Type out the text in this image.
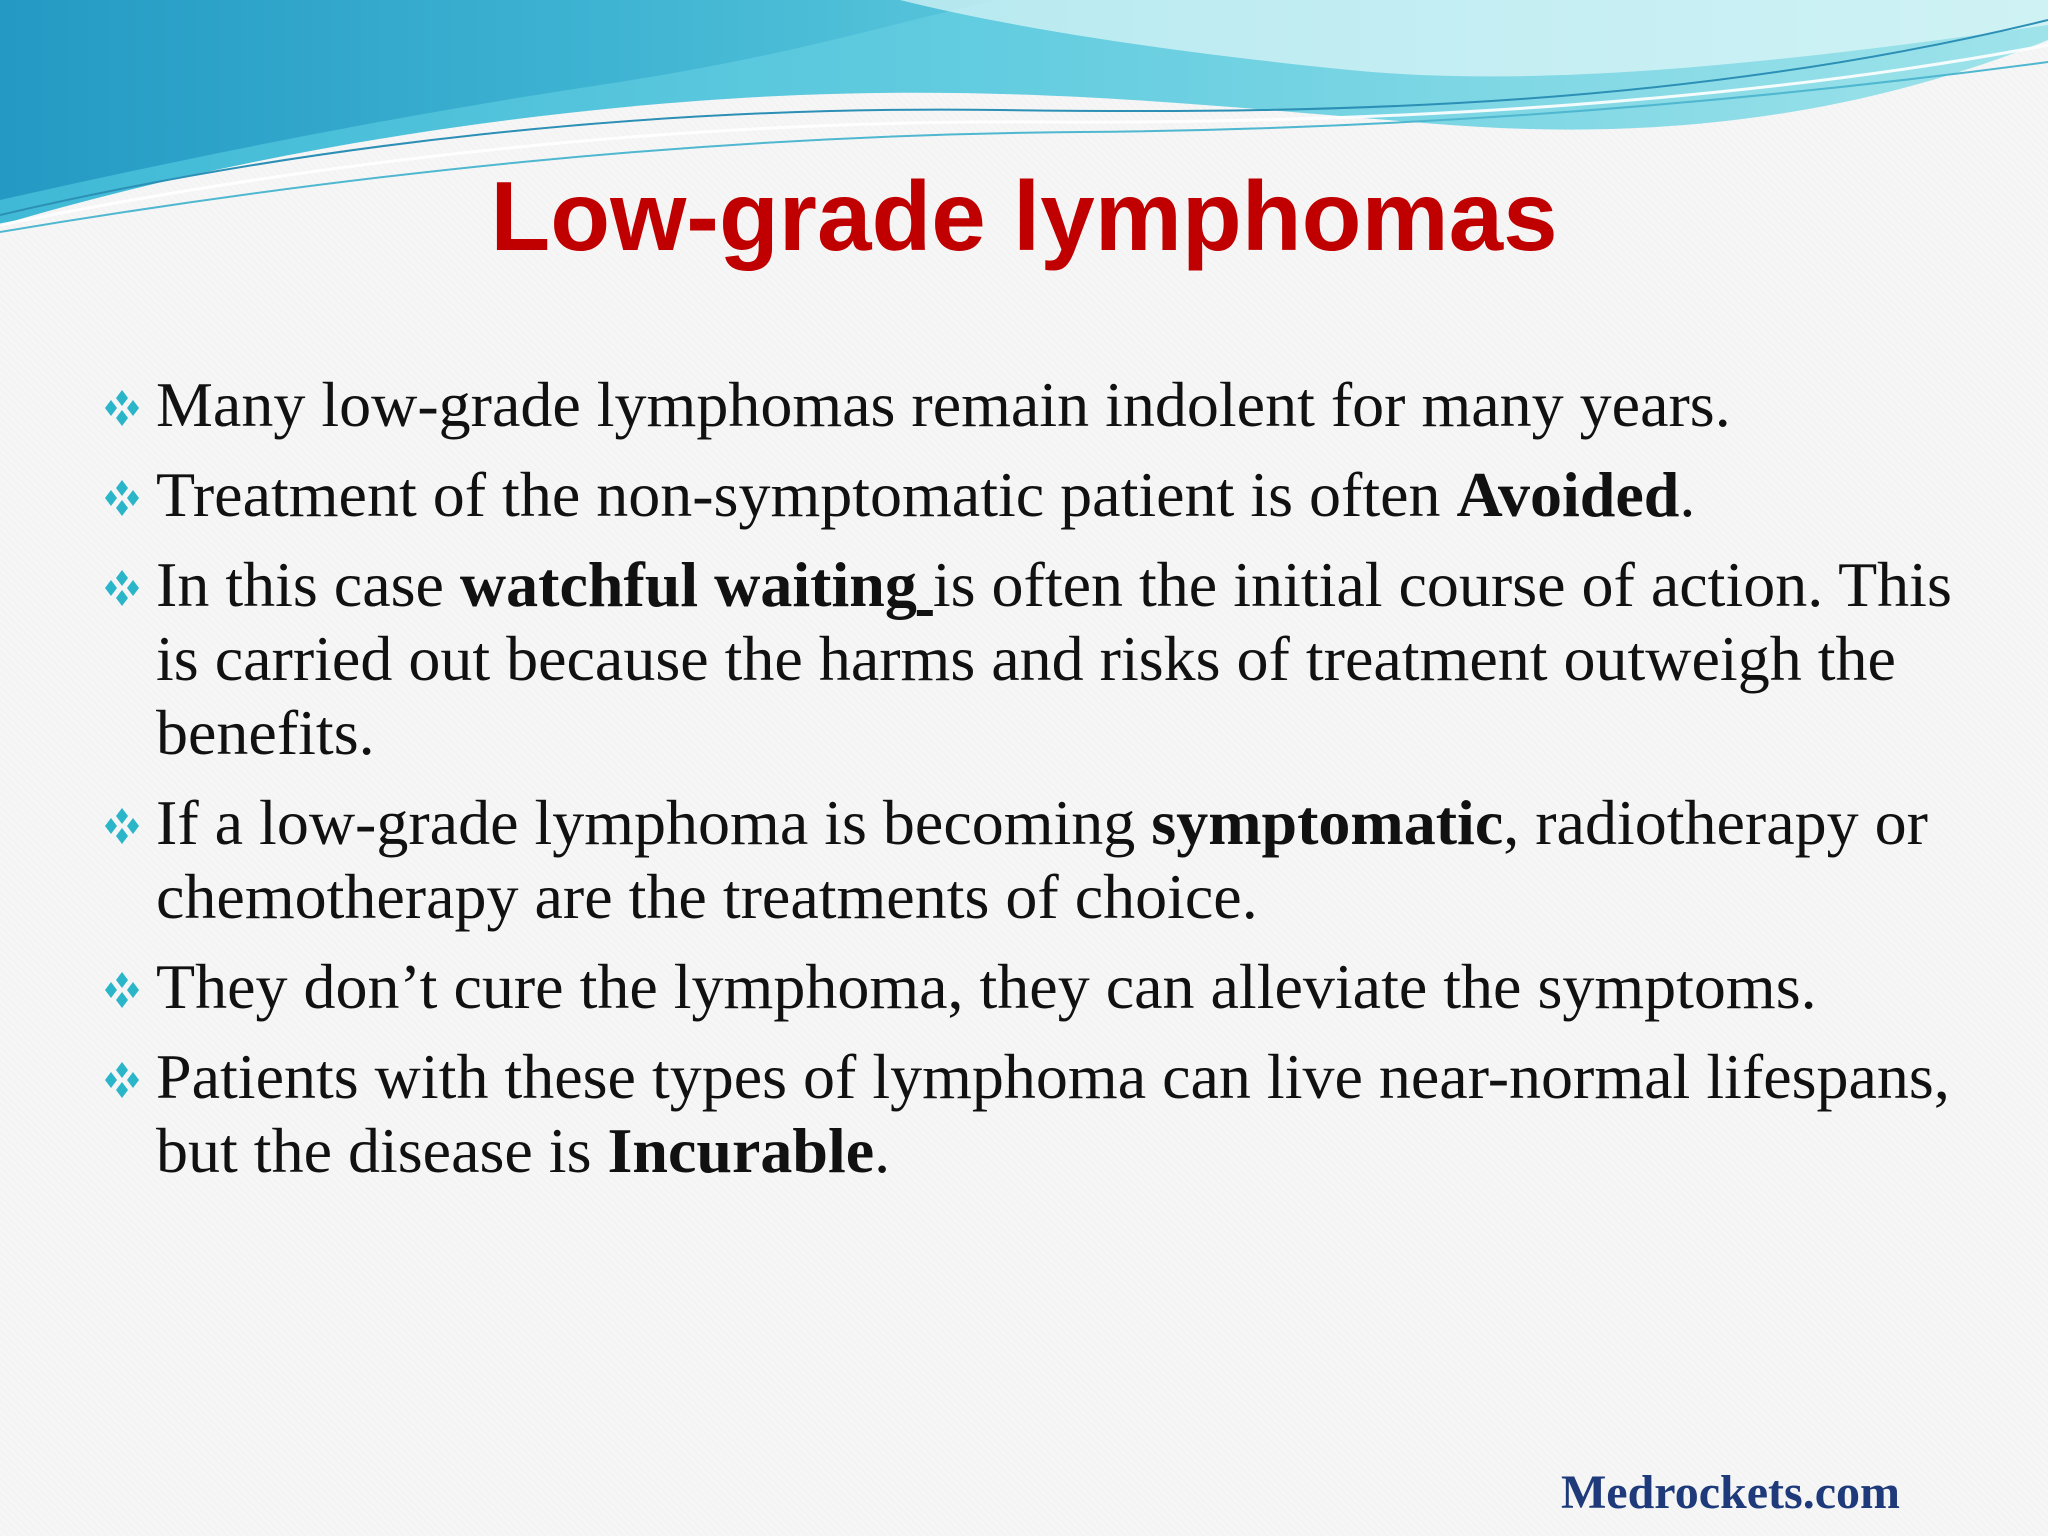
Low-grade lymphomas
Many low-grade lymphomas remain indolent for many years.
Treatment of the non-symptomatic patient is often Avoided.
In this case watchful waiting is often the initial course of action. This is carried out because the harms and risks of treatment outweigh the benefits.
If a low-grade lymphoma is becoming symptomatic, radiotherapy or chemotherapy are the treatments of choice.
They don’t cure the lymphoma, they can alleviate the symptoms.
Patients with these types of lymphoma can live near-normal lifespans, but the disease is Incurable.
Medrockets.com
